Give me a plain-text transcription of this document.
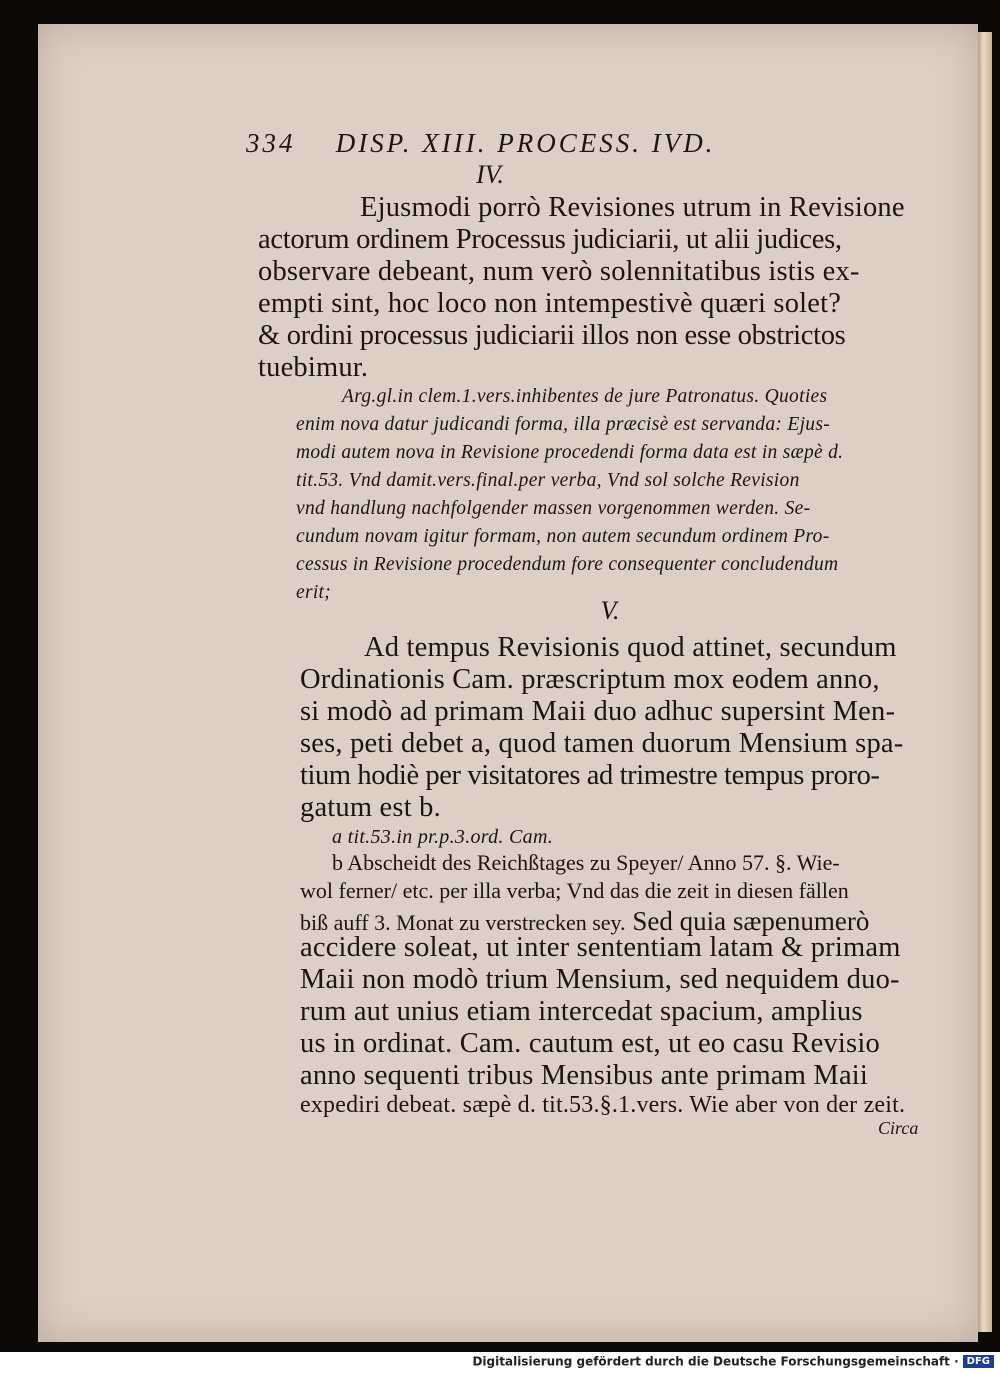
334 DISP. XIII. PROCESS. IVD.
IV.
Ejusmodi porrò Revisiones utrum in Revisione
actorum ordinem Processus judiciarii, ut alii judices,
observare debeant, num verò solennitatibus istis ex-
empti sint, hoc loco non intempestivè quæri solet?
& ordini processus judiciarii illos non esse obstrictos
tuebimur.
Arg.gl.in clem.1.vers.inhibentes de jure Patronatus. Quoties
enim nova datur judicandi forma, illa præcisè est servanda: Ejus-
modi autem nova in Revisione procedendi forma data est in sæpè d.
tit.53. Vnd damit.vers.final.per verba, Vnd sol solche Revision
vnd handlung nachfolgender massen vorgenommen werden. Se-
cundum novam igitur formam, non autem secundum ordinem Pro-
cessus in Revisione procedendum fore consequenter concludendum
erit;
V.
Ad tempus Revisionis quod attinet, secundum
Ordinationis Cam. præscriptum mox eodem anno,
si modò ad primam Maii duo adhuc supersint Men-
ses, peti debet a, quod tamen duorum Mensium spa-
tium hodiè per visitatores ad trimestre tempus proro-
gatum est b.
a tit.53.in pr.p.3.ord. Cam.
b Abscheidt des Reichßtages zu Speyer/ Anno 57. §. Wie-
wol ferner/ etc. per illa verba; Vnd das die zeit in diesen fällen
biß auff 3. Monat zu verstrecken sey. Sed quia sæpenumerò
accidere soleat, ut inter sententiam latam & primam
Maii non modò trium Mensium, sed nequidem duo-
rum aut unius etiam intercedat spacium, amplius
us in ordinat. Cam. cautum est, ut eo casu Revisio
anno sequenti tribus Mensibus ante primam Maii
expediri debeat. sæpè d. tit.53.§.1.vers. Wie aber von der zeit.
Circa
Digitalisierung gefördert durch die Deutsche Forschungsgemeinschaft · DFG
